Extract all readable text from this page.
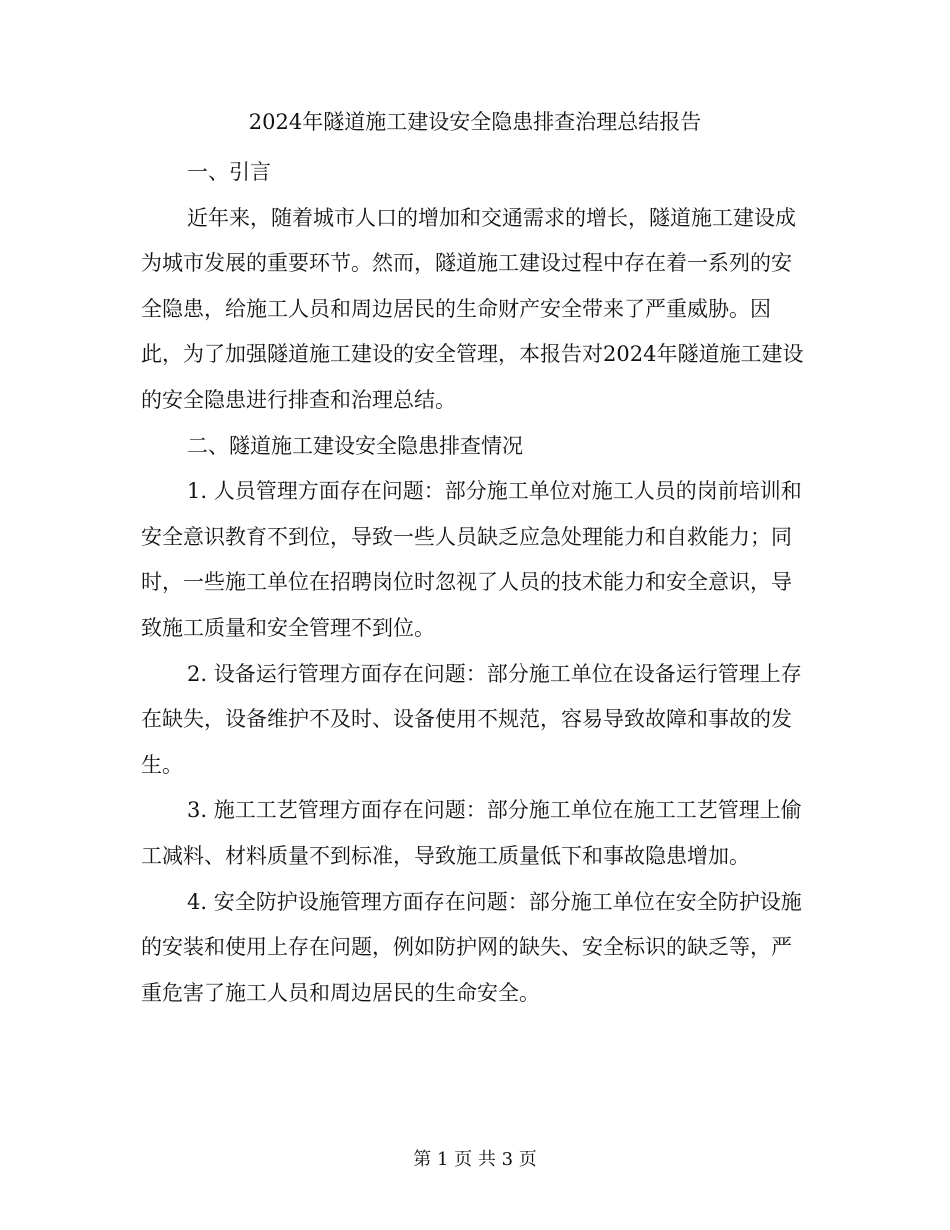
2024年隧道施工建设安全隐患排查治理总结报告

一、引言

近年来，随着城市人口的增加和交通需求的增长，隧道施工建设成为城市发展的重要环节。然而，隧道施工建设过程中存在着一系列的安全隐患，给施工人员和周边居民的生命财产安全带来了严重威胁。因此，为了加强隧道施工建设的安全管理，本报告对2024年隧道施工建设的安全隐患进行排查和治理总结。

二、隧道施工建设安全隐患排查情况

1. 人员管理方面存在问题：部分施工单位对施工人员的岗前培训和安全意识教育不到位，导致一些人员缺乏应急处理能力和自救能力；同时，一些施工单位在招聘岗位时忽视了人员的技术能力和安全意识，导致施工质量和安全管理不到位。

2. 设备运行管理方面存在问题：部分施工单位在设备运行管理上存在缺失，设备维护不及时、设备使用不规范，容易导致故障和事故的发生。

3. 施工工艺管理方面存在问题：部分施工单位在施工工艺管理上偷工减料、材料质量不到标准，导致施工质量低下和事故隐患增加。

4. 安全防护设施管理方面存在问题：部分施工单位在安全防护设施的安装和使用上存在问题，例如防护网的缺失、安全标识的缺乏等，严重危害了施工人员和周边居民的生命安全。

第 1 页 共 3 页
